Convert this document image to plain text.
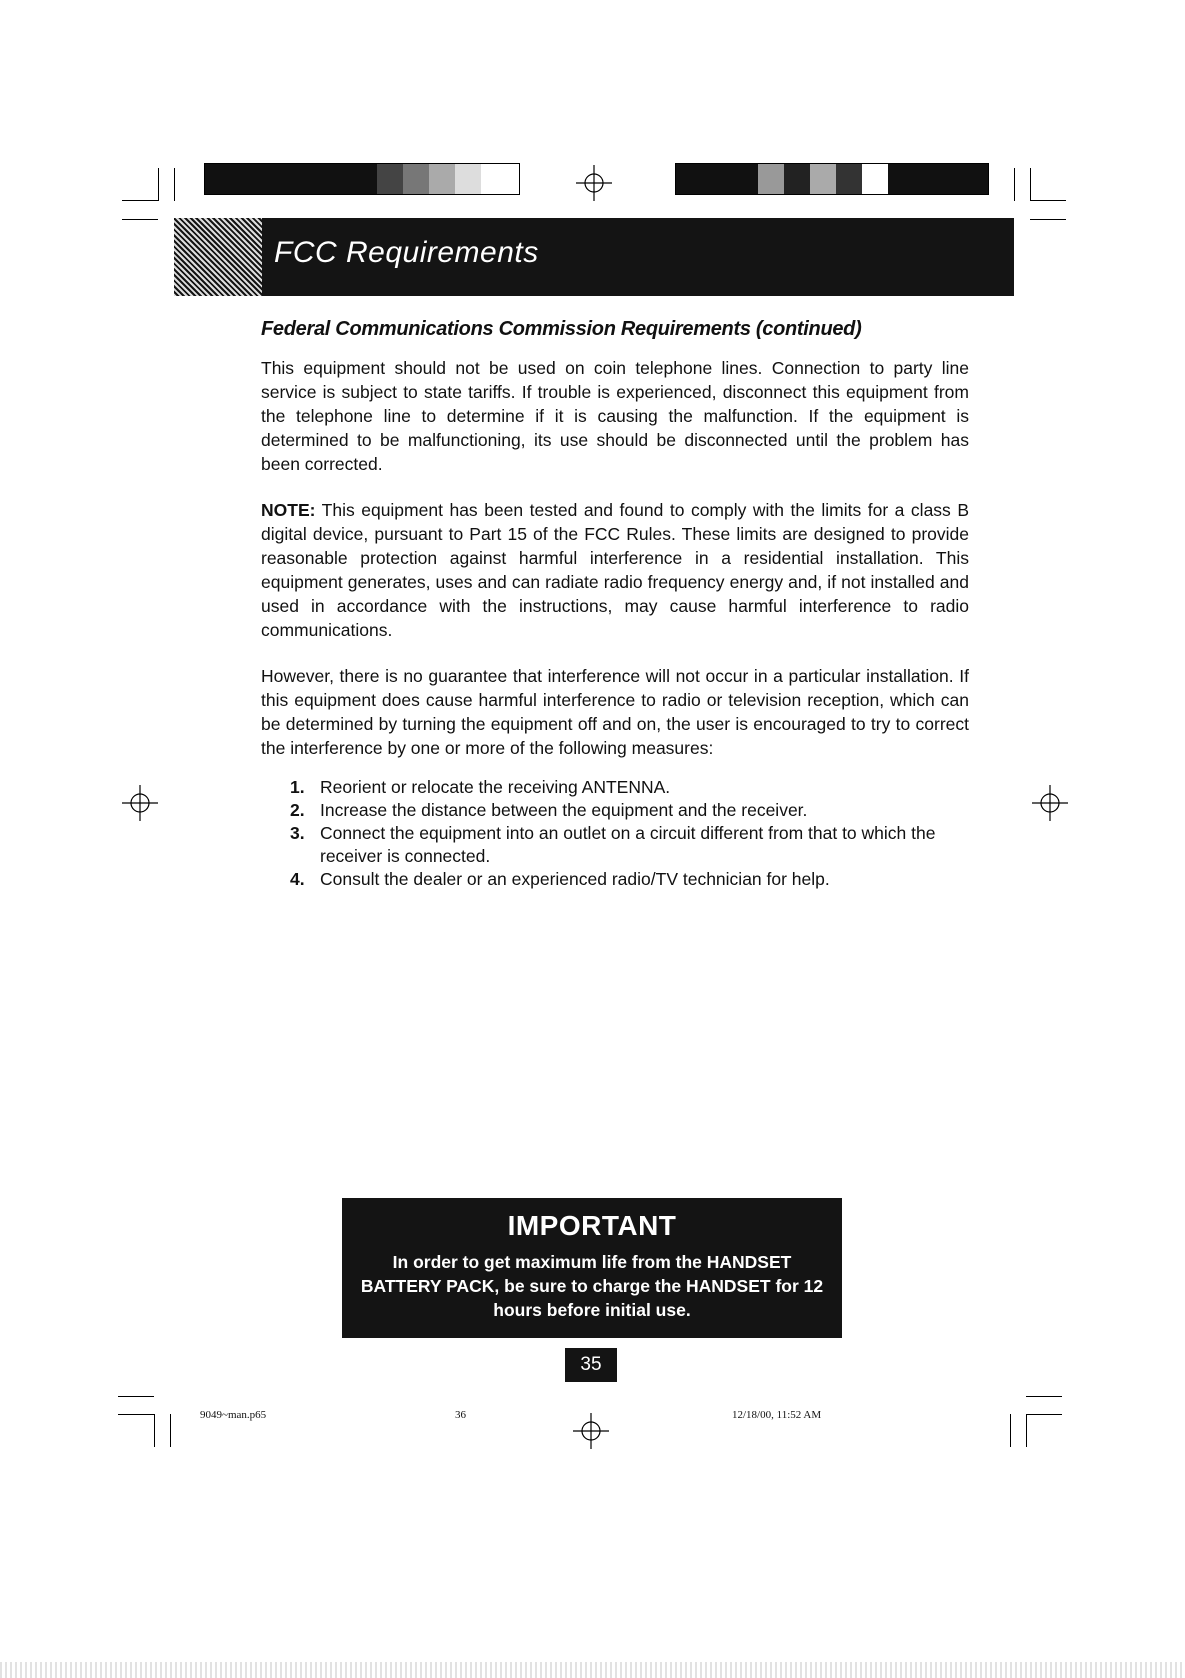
FCC Requirements
Federal Communications Commission Requirements (continued)
This equipment should not be used on coin telephone lines. Connection to party line service is subject to state tariffs. If trouble is experienced, disconnect this equipment from the telephone line to determine if it is causing the malfunction. If the equipment is determined to be malfunctioning, its use should be disconnected until the problem has been corrected.
NOTE: This equipment has been tested and found to comply with the limits for a class B digital device, pursuant to Part 15 of the FCC Rules. These limits are designed to provide reasonable protection against harmful interference in a residential installation. This equipment generates, uses and can radiate radio frequency energy and, if not installed and used in accordance with the instructions, may cause harmful interference to radio communications.
However, there is no guarantee that interference will not occur in a particular installation. If this equipment does cause harmful interference to radio or television reception, which can be determined by turning the equipment off and on, the user is encouraged to try to correct the interference by one or more of the following measures:
1. Reorient or relocate the receiving ANTENNA.
2. Increase the distance between the equipment and the receiver.
3. Connect the equipment into an outlet on a circuit different from that to which the receiver is connected.
4. Consult the dealer or an experienced radio/TV technician for help.
IMPORTANT
In order to get maximum life from the HANDSET BATTERY PACK, be sure to charge the HANDSET for 12 hours before initial use.
35
9049~man.p65	36	12/18/00, 11:52 AM
